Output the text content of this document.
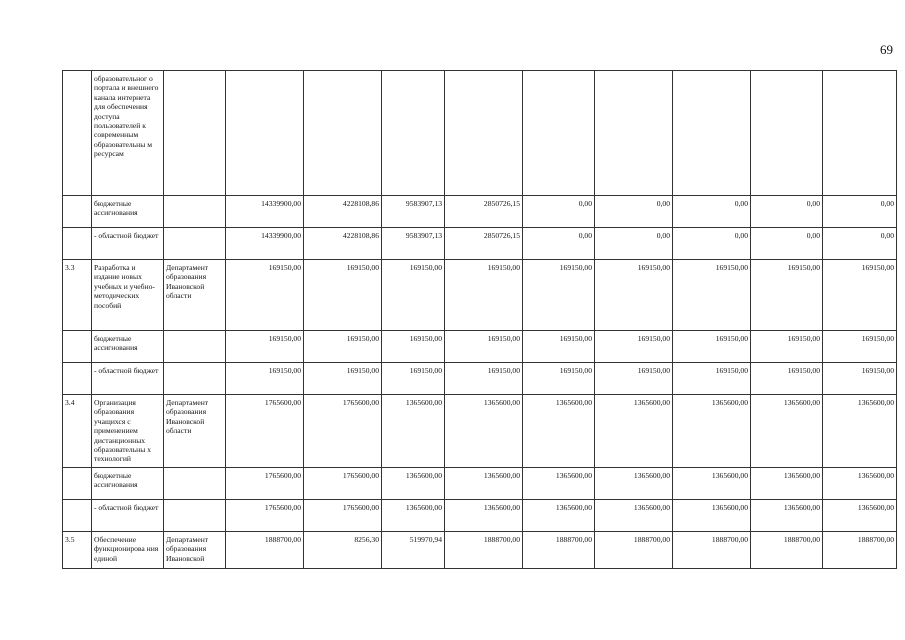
69
	образовательног о портала и внешнего канала интернета для обеспечения доступа пользователей к современным образовательны м ресурсам										
	бюджетные ассигнования		14339900,00	4228108,86	9583907,13	2850726,15	0,00	0,00	0,00	0,00	0,00
	- областной бюджет		14339900,00	4228108,86	9583907,13	2850726,15	0,00	0,00	0,00	0,00	0,00
3.3	Разработка и издание новых учебных и учебно-методических пособий	Департамент образования Ивановской области	169150,00	169150,00	169150,00	169150,00	169150,00	169150,00	169150,00	169150,00	169150,00
	бюджетные ассигнования		169150,00	169150,00	169150,00	169150,00	169150,00	169150,00	169150,00	169150,00	169150,00
	- областной бюджет		169150,00	169150,00	169150,00	169150,00	169150,00	169150,00	169150,00	169150,00	169150,00
3.4	Организация образования учащихся с применением дистанционных образовательны х технологий	Департамент образования Ивановской области	1765600,00	1765600,00	1365600,00	1365600,00	1365600,00	1365600,00	1365600,00	1365600,00	1365600,00
	бюджетные ассигнования		1765600,00	1765600,00	1365600,00	1365600,00	1365600,00	1365600,00	1365600,00	1365600,00	1365600,00
	- областной бюджет		1765600,00	1765600,00	1365600,00	1365600,00	1365600,00	1365600,00	1365600,00	1365600,00	1365600,00
3.5	Обеспечение функционирова ния единой	Департамент образования Ивановской	1888700,00	8256,30	519970,94	1888700,00	1888700,00	1888700,00	1888700,00	1888700,00	1888700,00
